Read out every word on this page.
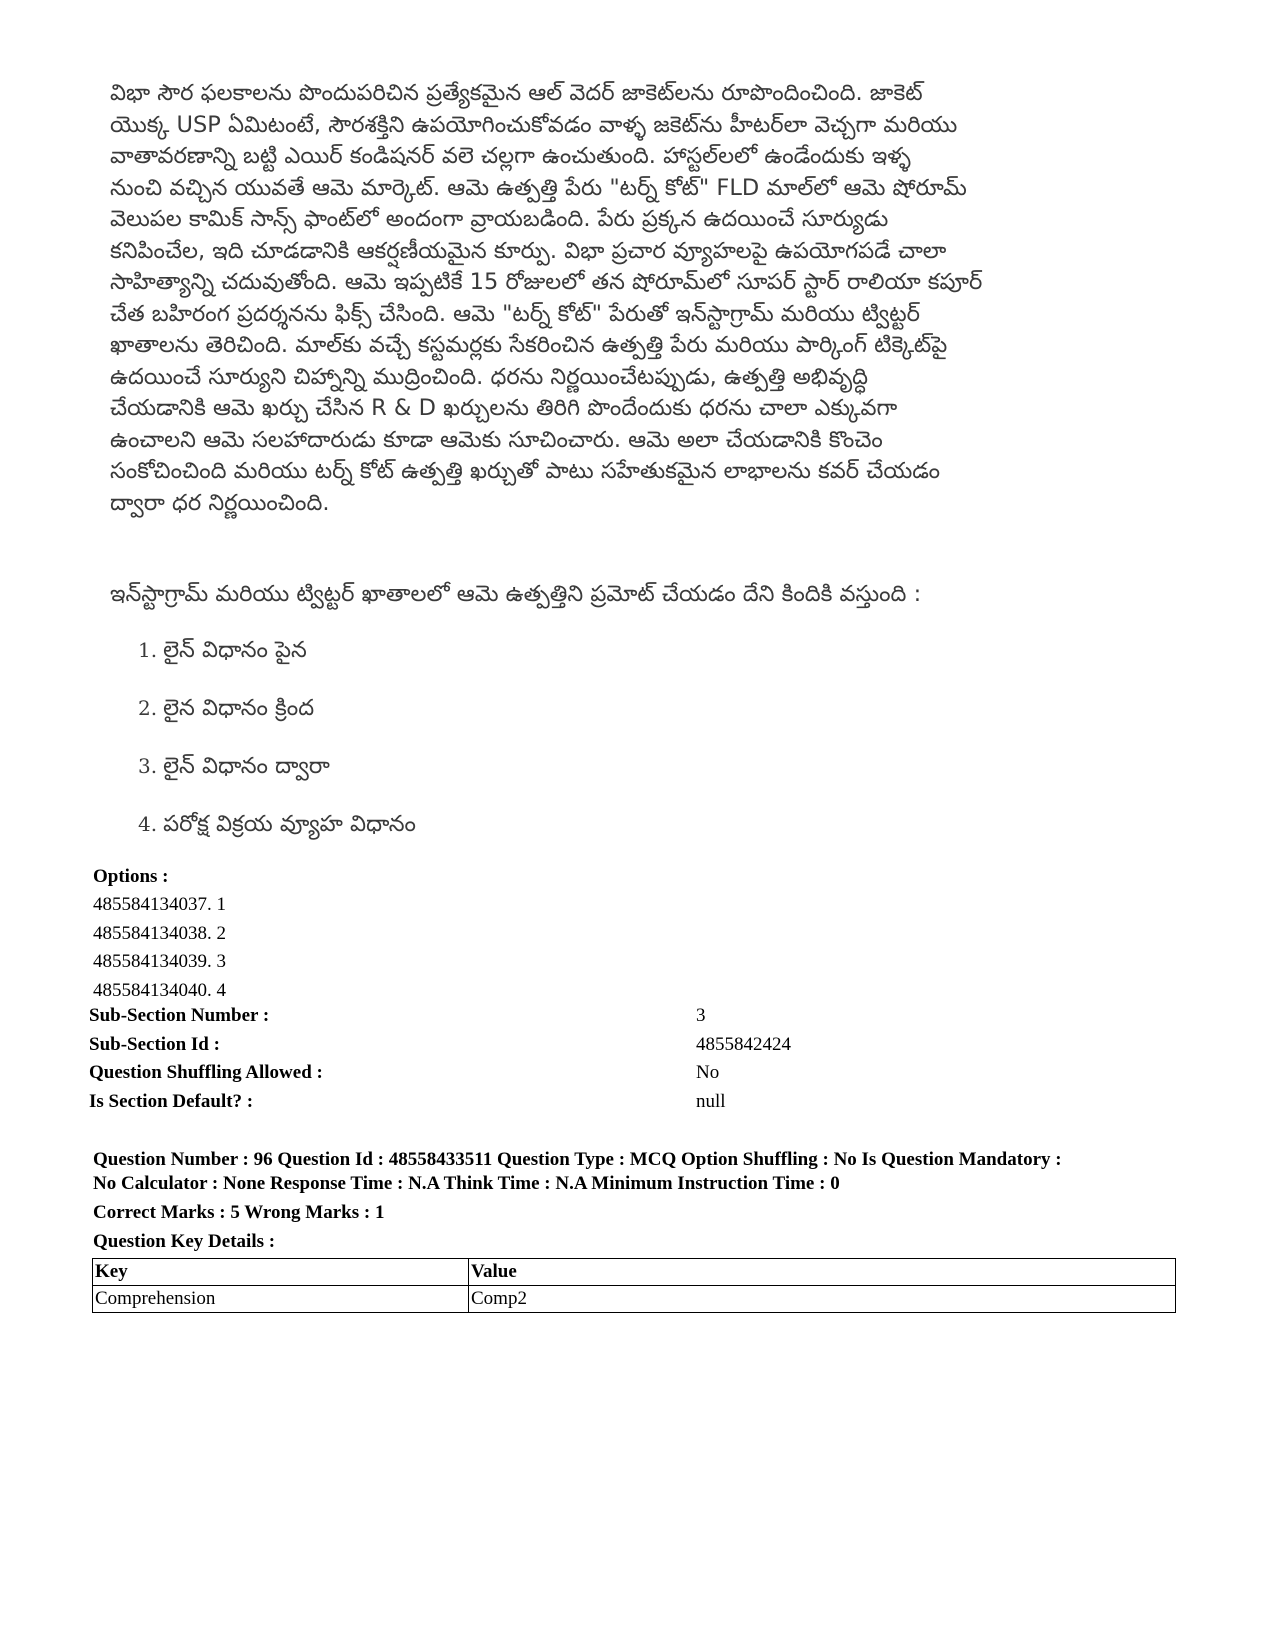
విభా సౌర ఫలకాలను పొందుపరిచిన ప్రత్యేకమైన ఆల్ వెదర్ జాకెట్‌లను రూపొందించింది. జాకెట్
యొక్క USP ఏమిటంటే, సౌరశక్తిని ఉపయోగించుకోవడం వాళ్ళ జకెట్‌ను హీటర్‌లా వెచ్చగా మరియు
వాతావరణాన్ని బట్టి ఎయిర్ కండిషనర్ వలె చల్లగా ఉంచుతుంది. హాస్టల్‌లలో ఉండేందుకు ఇళ్ళ
నుంచి వచ్చిన యువతే ఆమె మార్కెట్. ఆమె ఉత్పత్తి పేరు "టర్న్ కోట్" FLD మాల్‌లో ఆమె షోరూమ్
వెలుపల కామిక్ సాన్స్ ఫాంట్‌లో అందంగా వ్రాయబడింది. పేరు ప్రక్కన ఉదయించే సూర్యుడు
కనిపించేల, ఇది చూడడానికి ఆకర్షణీయమైన కూర్పు. విభా ప్రచార వ్యూహలపై ఉపయోగపడే చాలా
సాహిత్యాన్ని చదువుతోంది. ఆమె ఇప్పటికే 15 రోజులలో తన షోరూమ్‌లో సూపర్ స్టార్ రాలియా కపూర్
చేత బహిరంగ ప్రదర్శనను ఫిక్స్ చేసింది. ఆమె "టర్న్ కోట్" పేరుతో ఇన్‌స్టాగ్రామ్ మరియు ట్విట్టర్
ఖాతాలను తెరిచింది. మాల్‌కు వచ్చే కస్టమర్లకు సేకరించిన ఉత్పత్తి పేరు మరియు పార్కింగ్ టిక్కెట్‌పై
ఉదయించే సూర్యుని చిహ్నాన్ని ముద్రించింది. ధరను నిర్ణయించేటప్పుడు, ఉత్పత్తి అభివృద్ధి
చేయడానికి ఆమె ఖర్చు చేసిన R & D ఖర్చులను తిరిగి పొందేందుకు ధరను చాలా ఎక్కువగా
ఉంచాలని ఆమె సలహాదారుడు కూడా ఆమెకు సూచించారు. ఆమె అలా చేయడానికి కొంచెం
సంకోచించింది మరియు టర్న్ కోట్ ఉత్పత్తి ఖర్చుతో పాటు సహేతుకమైన లాభాలను కవర్ చేయడం
ద్వారా ధర నిర్ణయించింది.
ఇన్‌స్టాగ్రామ్ మరియు ట్విట్టర్ ఖాతాలలో ఆమె ఉత్పత్తిని ప్రమోట్ చేయడం దేని కిందికి వస్తుంది :
1. లైన్ విధానం పైన
2. లైన విధానం క్రింద
3. లైన్ విధానం ద్వారా
4. పరోక్ష విక్రయ వ్యూహ విధానం
Options :
485584134037. 1
485584134038. 2
485584134039. 3
485584134040. 4
Sub-Section Number :	3
Sub-Section Id :	4855842424
Question Shuffling Allowed :	No
Is Section Default? :	null
Question Number : 96 Question Id : 48558433511 Question Type : MCQ Option Shuffling : No Is Question Mandatory :
No Calculator : None Response Time : N.A Think Time : N.A Minimum Instruction Time : 0
Correct Marks : 5 Wrong Marks : 1
Question Key Details :
Key	Value
Comprehension	Comp2
